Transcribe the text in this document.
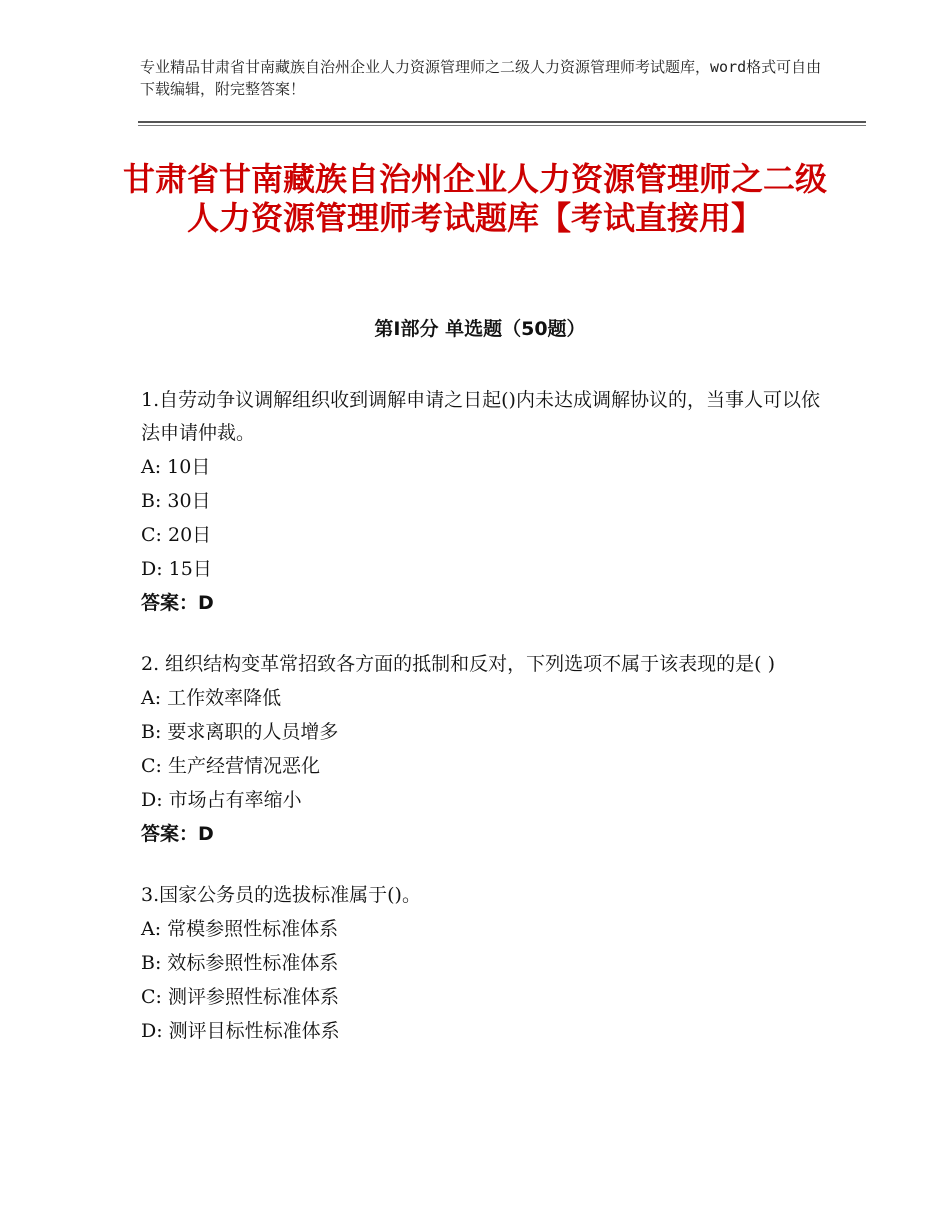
专业精品甘肃省甘南藏族自治州企业人力资源管理师之二级人力资源管理师考试题库，word格式可自由下载编辑，附完整答案！
甘肃省甘南藏族自治州企业人力资源管理师之二级人力资源管理师考试题库【考试直接用】
第Ⅰ部分 单选题（50题）
1.自劳动争议调解组织收到调解申请之日起()内未达成调解协议的，当事人可以依法申请仲裁。
A: 10日
B: 30日
C: 20日
D: 15日
答案：D
2. 组织结构变革常招致各方面的抵制和反对，下列选项不属于该表现的是( )
A: 工作效率降低
B: 要求离职的人员增多
C: 生产经营情况恶化
D: 市场占有率缩小
答案：D
3.国家公务员的选拔标准属于()。
A: 常模参照性标准体系
B: 效标参照性标准体系
C: 测评参照性标准体系
D: 测评目标性标准体系
